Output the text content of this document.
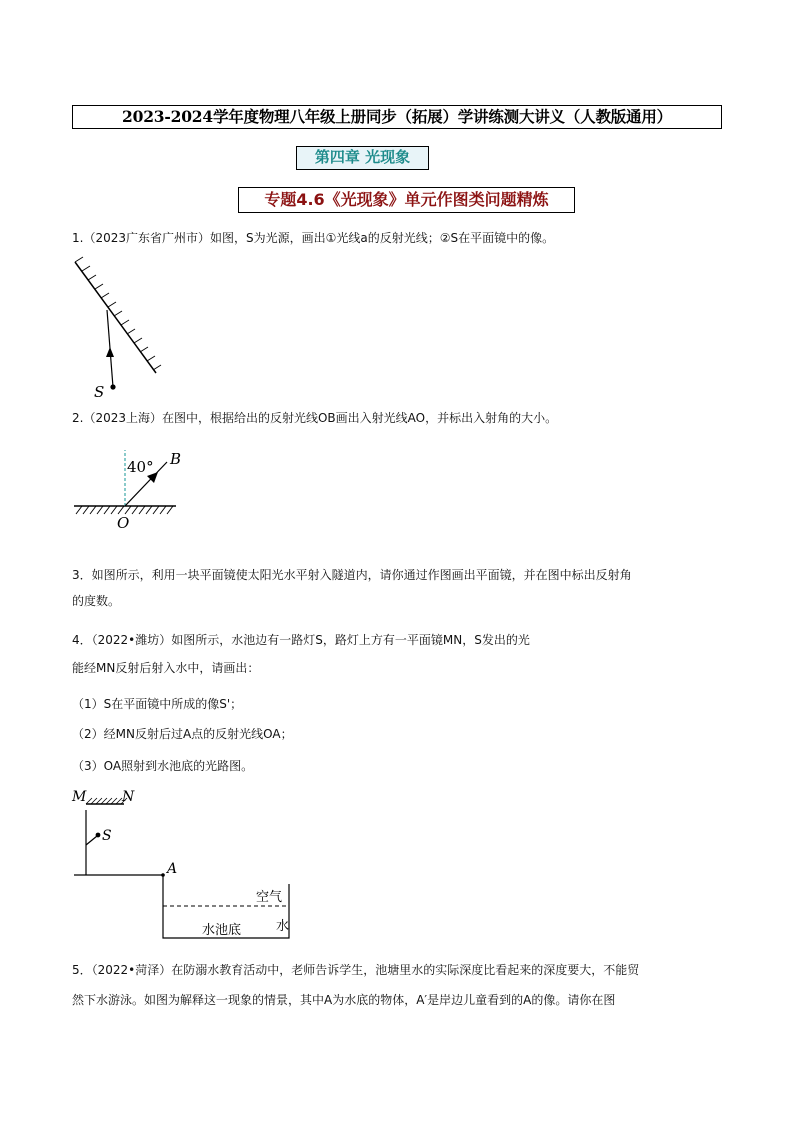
2023-2024学年度物理八年级上册同步（拓展）学讲练测大讲义（人教版通用）
第四章 光现象
专题4.6《光现象》单元作图类问题精炼
1.（2023广东省广州市）如图，S为光源，画出①光线a的反射光线；②S在平面镜中的像。
S
2.（2023上海）在图中，根据给出的反射光线OB画出入射光线AO，并标出入射角的大小。
40° B
O
3．如图所示，利用一块平面镜使太阳光水平射入隧道内，请你通过作图画出平面镜，并在图中标出反射角
的度数。
4．（2022•潍坊）如图所示，水池边有一路灯S，路灯上方有一平面镜MN，S发出的光
能经MN反射后射入水中，请画出：
（1）S在平面镜中所成的像S'；
（2）经MN反射后过A点的反射光线OA；
（3）OA照射到水池底的光路图。
M	N
S
A
空气
水
水池底
5．（2022•菏泽）在防溺水教育活动中，老师告诉学生，池塘里水的实际深度比看起来的深度要大，不能贸
然下水游泳。如图为解释这一现象的情景，其中A为水底的物体，A′是岸边儿童看到的A的像。请你在图
